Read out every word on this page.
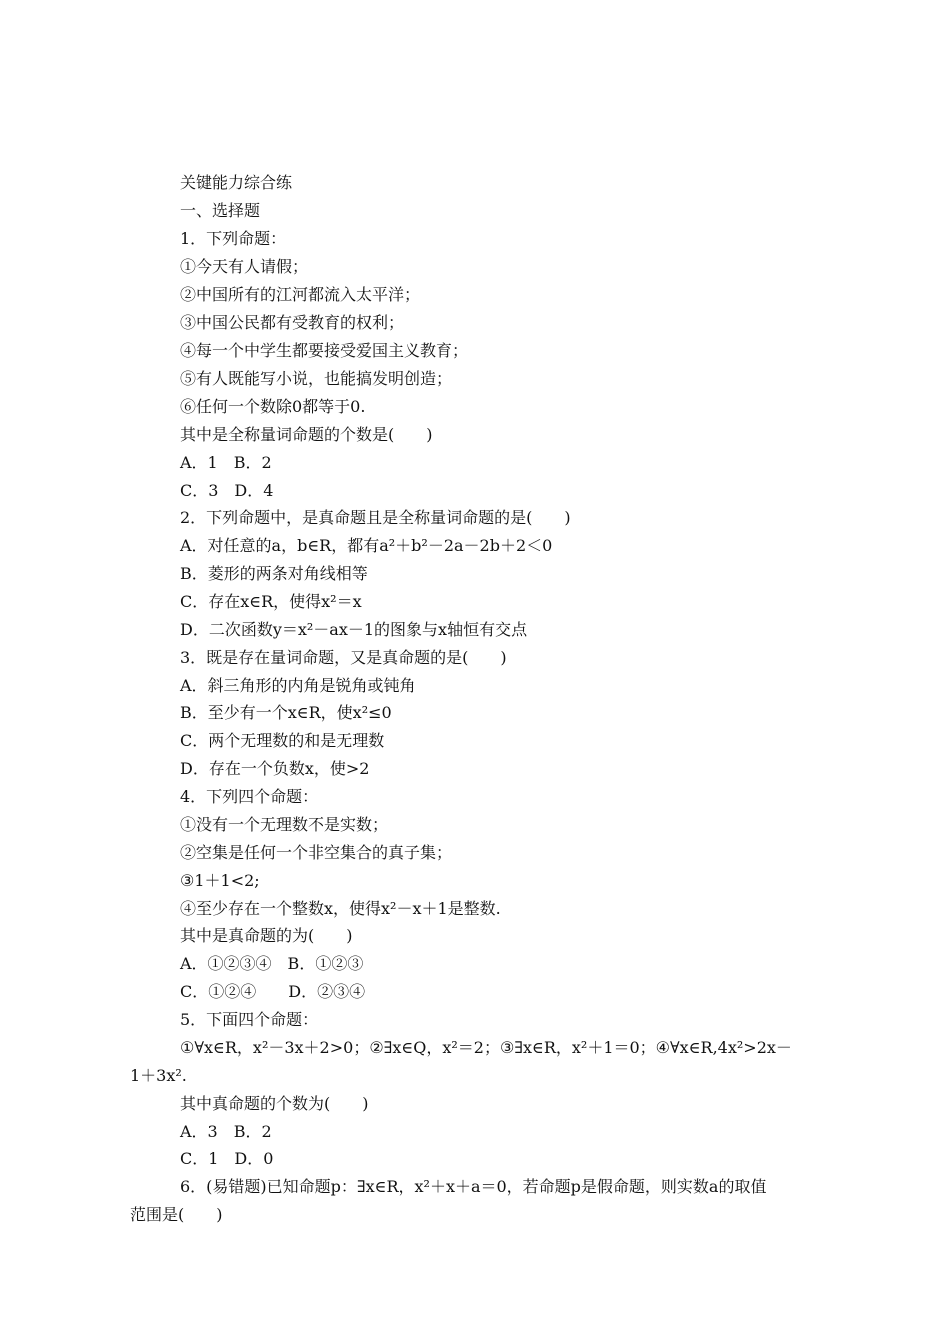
关键能力综合练
一、选择题
1．下列命题：
①今天有人请假；
②中国所有的江河都流入太平洋；
③中国公民都有受教育的权利；
④每一个中学生都要接受爱国主义教育；
⑤有人既能写小说，也能搞发明创造；
⑥任何一个数除0都等于0.
其中是全称量词命题的个数是(　　)
A．1　B．2
C．3　D．4
2．下列命题中，是真命题且是全称量词命题的是(　　)
A．对任意的a，b∈R，都有a²＋b²－2a－2b＋2＜0
B．菱形的两条对角线相等
C．存在x∈R，使得x²＝x
D．二次函数y＝x²－ax－1的图象与x轴恒有交点
3．既是存在量词命题，又是真命题的是(　　)
A．斜三角形的内角是锐角或钝角
B．至少有一个x∈R，使x²≤0
C．两个无理数的和是无理数
D．存在一个负数x，使>2
4．下列四个命题：
①没有一个无理数不是实数；
②空集是任何一个非空集合的真子集；
③1＋1<2;
④至少存在一个整数x，使得x²－x＋1是整数.
其中是真命题的为(　　)
A．①②③④　B．①②③
C．①②④　　D．②③④
5．下面四个命题：
①∀x∈R，x²－3x＋2>0；②∃x∈Q，x²＝2；③∃x∈R，x²＋1＝0；④∀x∈R,4x²>2x－
1＋3x².
其中真命题的个数为(　　)
A．3　B．2
C．1　D．0
6．(易错题)已知命题p：∃x∈R，x²＋x＋a＝0，若命题p是假命题，则实数a的取值
范围是(　　)
